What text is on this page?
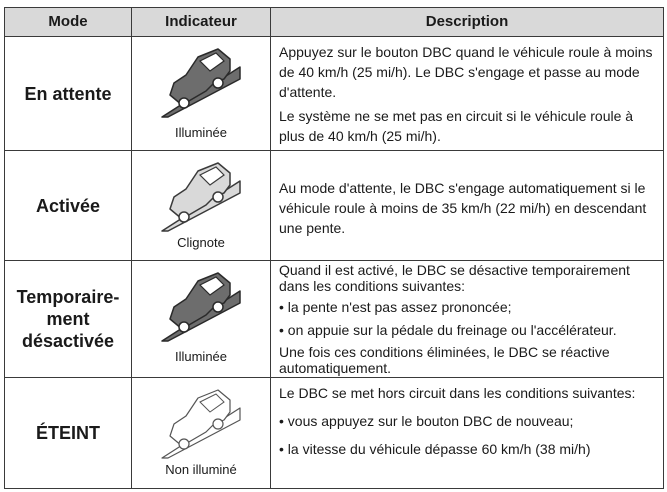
Mode	Indicateur	Description
En attente
Illuminée

Appuyez sur le bouton DBC quand le véhicule roule à moins de 40 km/h (25 mi/h). Le DBC s'engage et passe au mode d'attente.

Le système ne se met pas en circuit si le véhicule roule à plus de 40 km/h (25 mi/h).

Activée
Clignote

Au mode d'attente, le DBC s'engage automatiquement si le véhicule roule à moins de 35 km/h (22 mi/h) en descendant une pente.

Temporaire-
ment
désactivée
Illuminée

Quand il est activé, le DBC se désactive temporairement dans les conditions suivantes:

• la pente n'est pas assez prononcée;

• on appuie sur la pédale du freinage ou l'accélérateur.

Une fois ces conditions éliminées, le DBC se réactive automatiquement.

ÉTEINT
Non illuminé

Le DBC se met hors circuit dans les conditions suivantes:

• vous appuyez sur le bouton DBC de nouveau;

• la vitesse du véhicule dépasse 60 km/h (38 mi/h)
